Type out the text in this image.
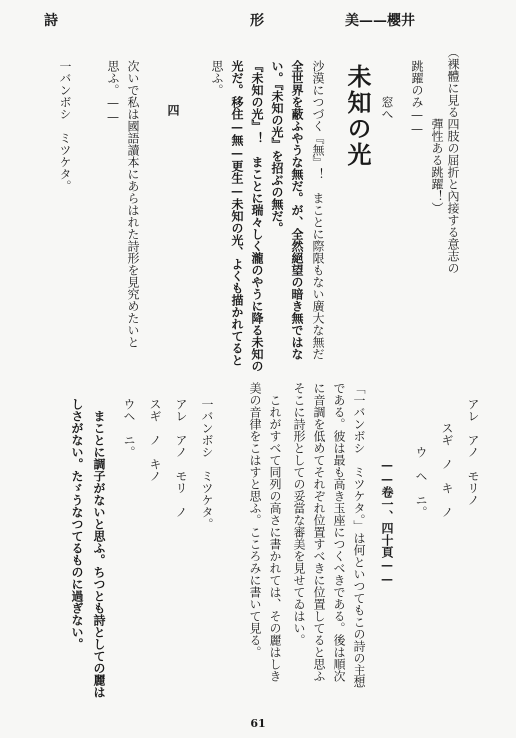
詩	形	美——櫻井
（裸體に見る四肢の屈折と內接する意志の
　　　　　　彈性ある跳躍！）
跳躍のみ——
　　　窓へ
未知の光
沙漠につづく『無』！　まことに際限もない廣大な無だ
全世界を蔽ふやうな無だ。が、全然絕望の暗き無ではな
い。『未知の光』を招ぶの無だ。
『未知の光』！　まことに瑞々しく瀧のやうに降る未知の
光だ。移住—無—更生—未知の光、よくも描かれてると
思ふ。
四
次いで私は國語讀本にあらはれた詩形を見究めたいと
思ふ。——
一バンボシ　ミツケタ。
アレ　アノ　モリノ
　　スギ　ノ　キ　ノ
　　　　ウ　ヘ　ニ。
　　　　　——卷一、四十頁——
「一バンボシ　ミツケタ。」は何といつてもこの詩の主想
である。彼は最も高き玉座につくべきである。後は順次
に音調を低めてそれぞれ位置すべきに位置してると思ふ
そこに詩形としての妥當な審美を見せてゐはい。
　これがすべて同列の高さに書かれては、その麗はしき
美の音律をこはすと思ふ。こころみに書いて見る。
一バンボシ　ミツケタ。
アレ　アノ　モリ　ノ
スギ　ノ　キノ
ウヘ　ニ。
　まことに調子がないと思ふ。ちつとも詩としての麗は
しさがない。たゞうなつてるものに過ぎない。
61
